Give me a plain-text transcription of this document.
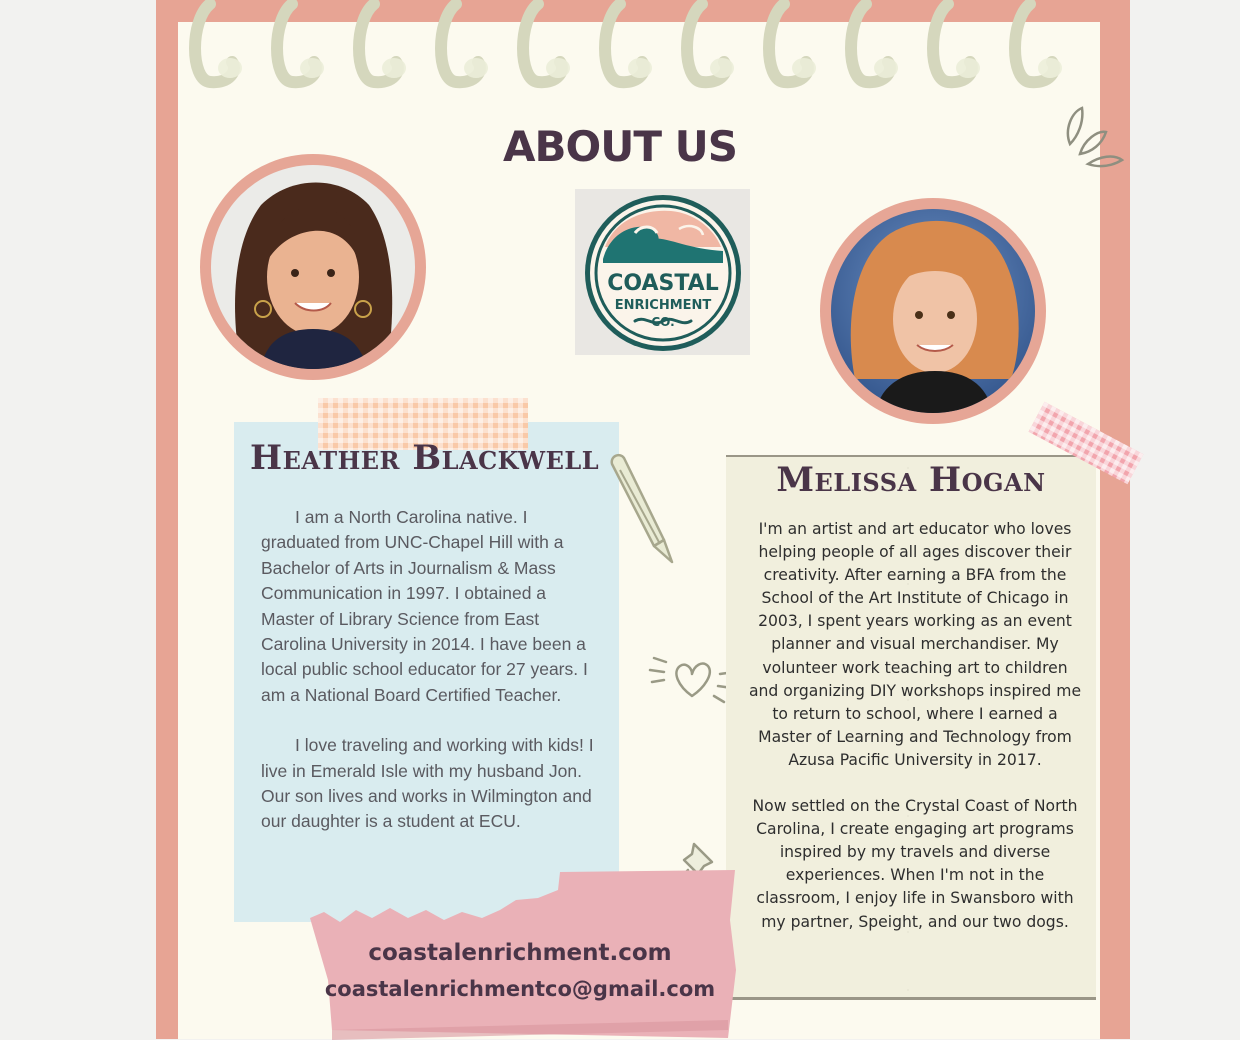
ABOUT US
COASTAL
ENRICHMENT
CO.
Heather Blackwell

I am a North Carolina native. I graduated from UNC-Chapel Hill with a Bachelor of Arts in Journalism & Mass Communication in 1997. I obtained a Master of Library Science from East Carolina University in 2014. I have been a local public school educator for 27 years. I am a National Board Certified Teacher.

I love traveling and working with kids! I live in Emerald Isle with my husband Jon. Our son lives and works in Wilmington and our daughter is a student at ECU.

Melissa Hogan

I'm an artist and art educator who loves helping people of all ages discover their creativity. After earning a BFA from the School of the Art Institute of Chicago in 2003, I spent years working as an event planner and visual merchandiser. My volunteer work teaching art to children and organizing DIY workshops inspired me to return to school, where I earned a Master of Learning and Technology from Azusa Pacific University in 2017.

Now settled on the Crystal Coast of North Carolina, I create engaging art programs inspired by my travels and diverse experiences. When I'm not in the classroom, I enjoy life in Swansboro with my partner, Speight, and our two dogs.

coastalenrichment.com

coastalenrichmentco@gmail.com
